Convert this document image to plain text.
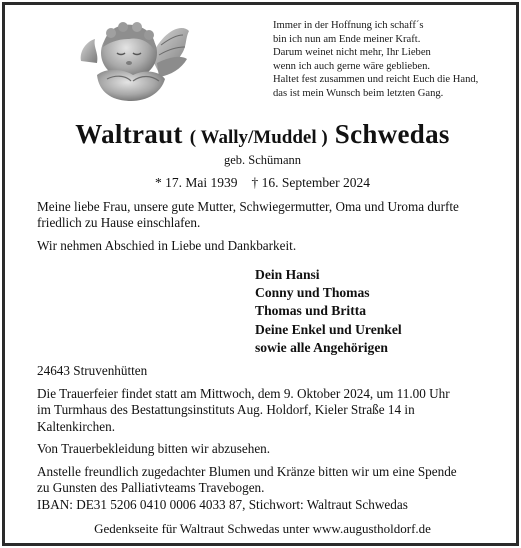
Immer in der Hoffnung ich schaff´s
bin ich nun am Ende meiner Kraft.
Darum weinet nicht mehr, Ihr Lieben
wenn ich auch gerne wäre geblieben.
Haltet fest zusammen und reicht Euch die Hand,
das ist mein Wunsch beim letzten Gang.
Waltraut ( Wally/Muddel ) Schwedas
geb. Schümann
* 17. Mai 1939 † 16. September 2024
Meine liebe Frau, unsere gute Mutter, Schwiegermutter, Oma und Uroma durfte
friedlich zu Hause einschlafen.
Wir nehmen Abschied in Liebe und Dankbarkeit.
Dein Hansi
Conny und Thomas
Thomas und Britta
Deine Enkel und Urenkel
sowie alle Angehörigen
24643 Struvenhütten
Die Trauerfeier findet statt am Mittwoch, dem 9. Oktober 2024, um 11.00 Uhr
im Turmhaus des Bestattungsinstituts Aug. Holdorf, Kieler Straße 14 in
Kaltenkirchen.
Von Trauerbekleidung bitten wir abzusehen.
Anstelle freundlich zugedachter Blumen und Kränze bitten wir um eine Spende
zu Gunsten des Palliativteams Travebogen.
IBAN: DE31 5206 0410 0006 4033 87, Stichwort: Waltraut Schwedas
Gedenkseite für Waltraut Schwedas unter www.augustholdorf.de
